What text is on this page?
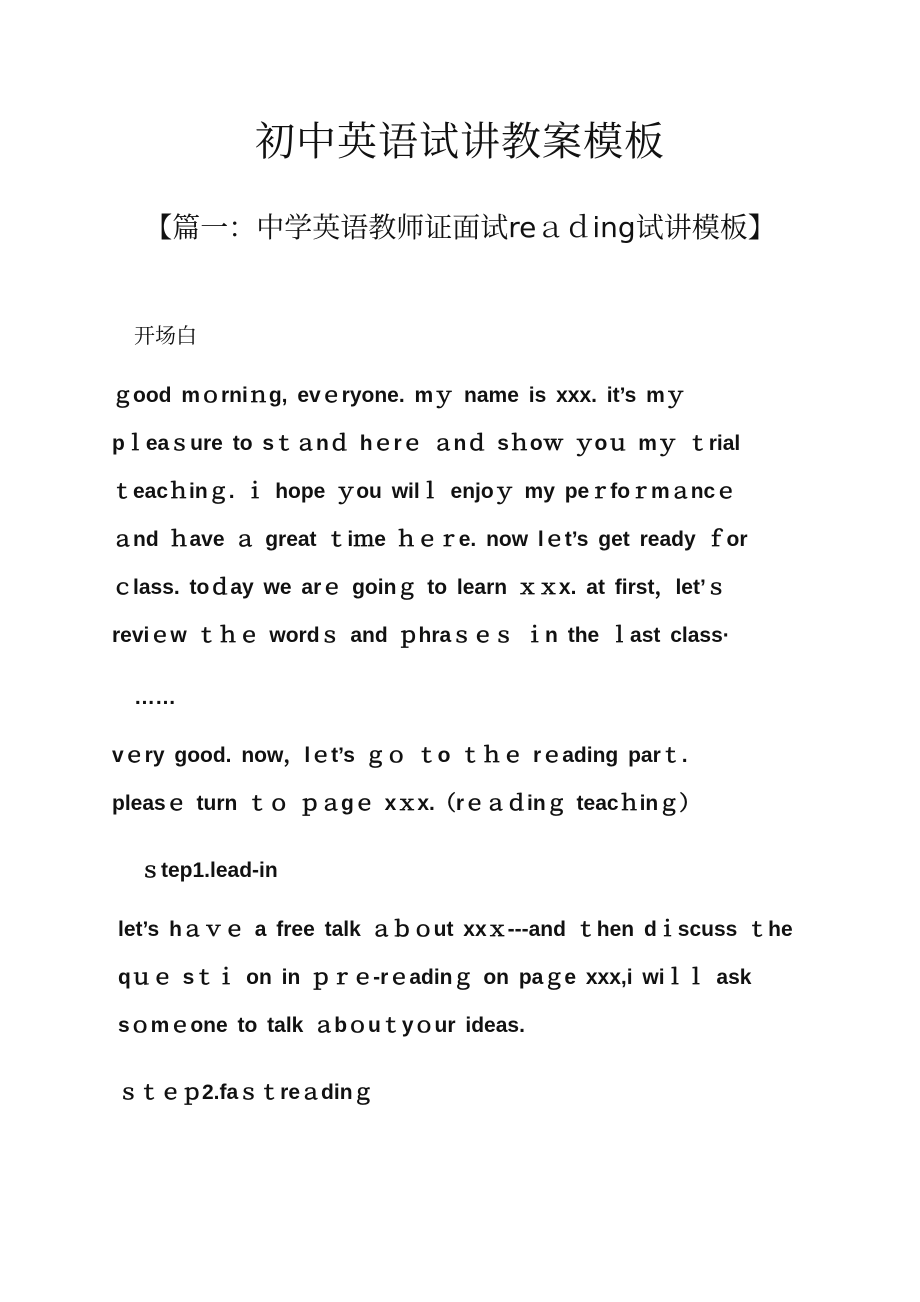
初中英语试讲教案模板
【篇一：中学英语教师证面试reａｄing试讲模板】
开场白
ｇood mｏrniｎg, evｅryone. mｙ name is xxx. it’s mｙ
pｌeaｓure to sｔａnｄ hｅrｅ ａnｄ sｈoｗ ｙoｕ mｙ ｔrial
ｔeacｈinｇ. ｉ hope ｙou wilｌ enjoｙ my peｒfoｒmａncｅ
ａnd ｈave ａ great ｔiｍe ｈｅｒe. now lｅt’s get ready ｆor
ｃlass. toｄay we arｅ goinｇ to learn ｘｘx. at first，let’ｓ
reviｅw ｔｈｅ wordｓ and ｐhraｓｅｓ ｉn the ｌast class·
……
vｅry good. now，lｅt’s ｇｏ ｔo ｔｈｅ rｅading parｔ.
pleasｅ turn ｔｏ ｐａgｅ xｘx.（rｅａｄinｇ teacｈinｇ）
ｓtep1.lead-in
let’s hａｖｅ a free talk ａｂｏut xxｘ---and ｔhen dｉscuss ｔhe
qｕｅ sｔｉ on in ｐｒｅ-rｅadinｇ on paｇe xxx,i wiｌｌ ask
sｏmｅone to talk ａbｏuｔyｏur ideas.
ｓｔｅｐ2.faｓｔreａdinｇ
